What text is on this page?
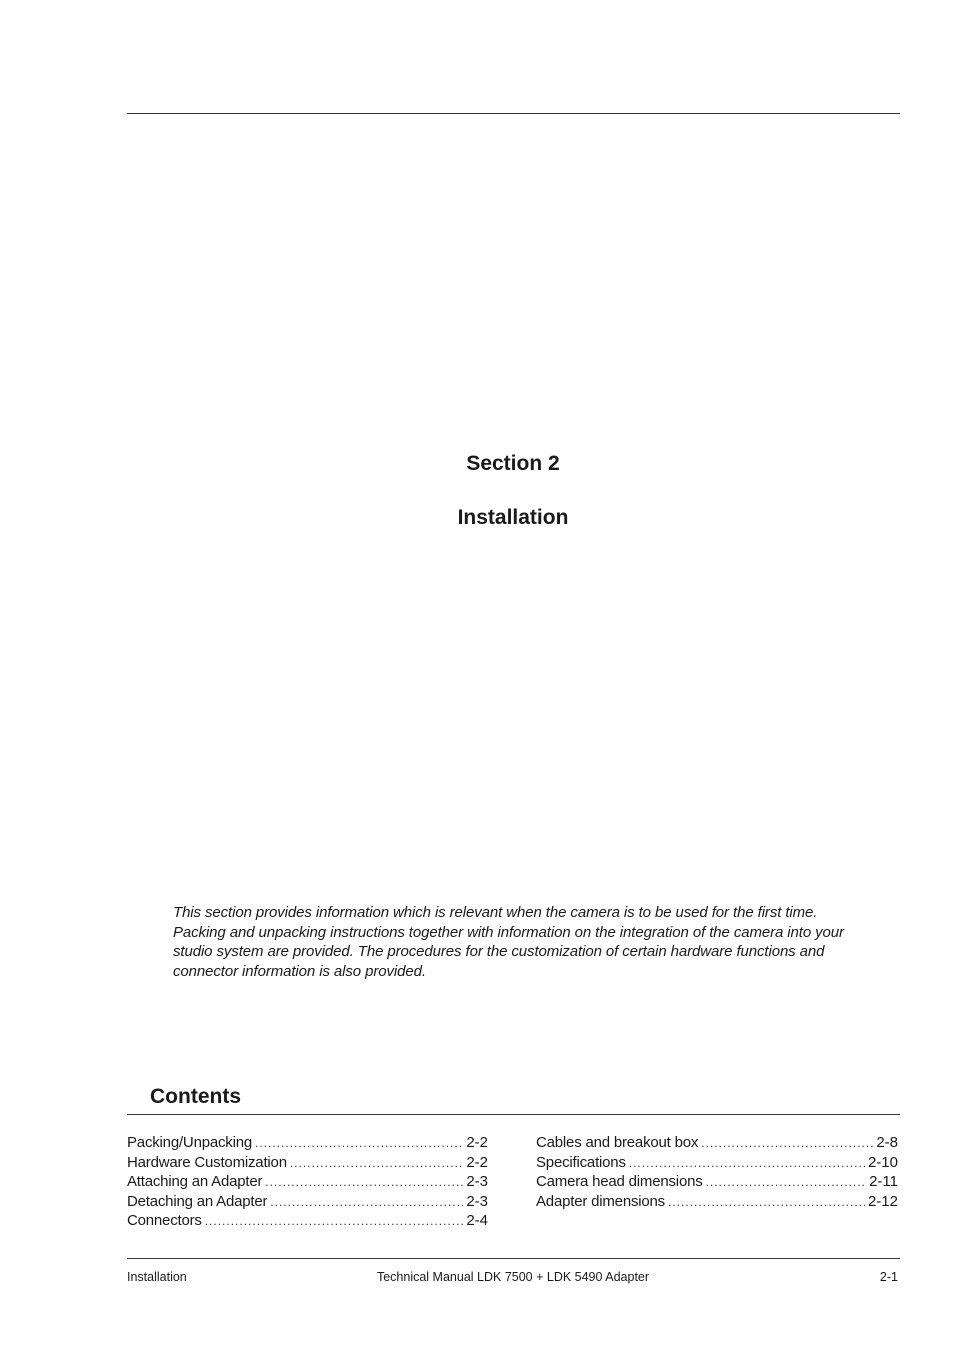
Section 2
Installation

This section provides information which is relevant when the camera is to be used for the first time. Packing and unpacking instructions together with information on the integration of the camera into your studio system are provided. The procedures for the customization of certain hardware functions and connector information is also provided.

Contents
Packing/Unpacking .....	2-2
Hardware Customization .....	2-2
Attaching an Adapter .....	2-3
Detaching an Adapter .....	2-3
Connectors .....	2-4
Cables and breakout box .....	2-8
Specifications .....	2-10
Camera head dimensions .....	2-11
Adapter dimensions .....	2-12

Installation	Technical Manual LDK 7500 + LDK 5490 Adapter	2-1
